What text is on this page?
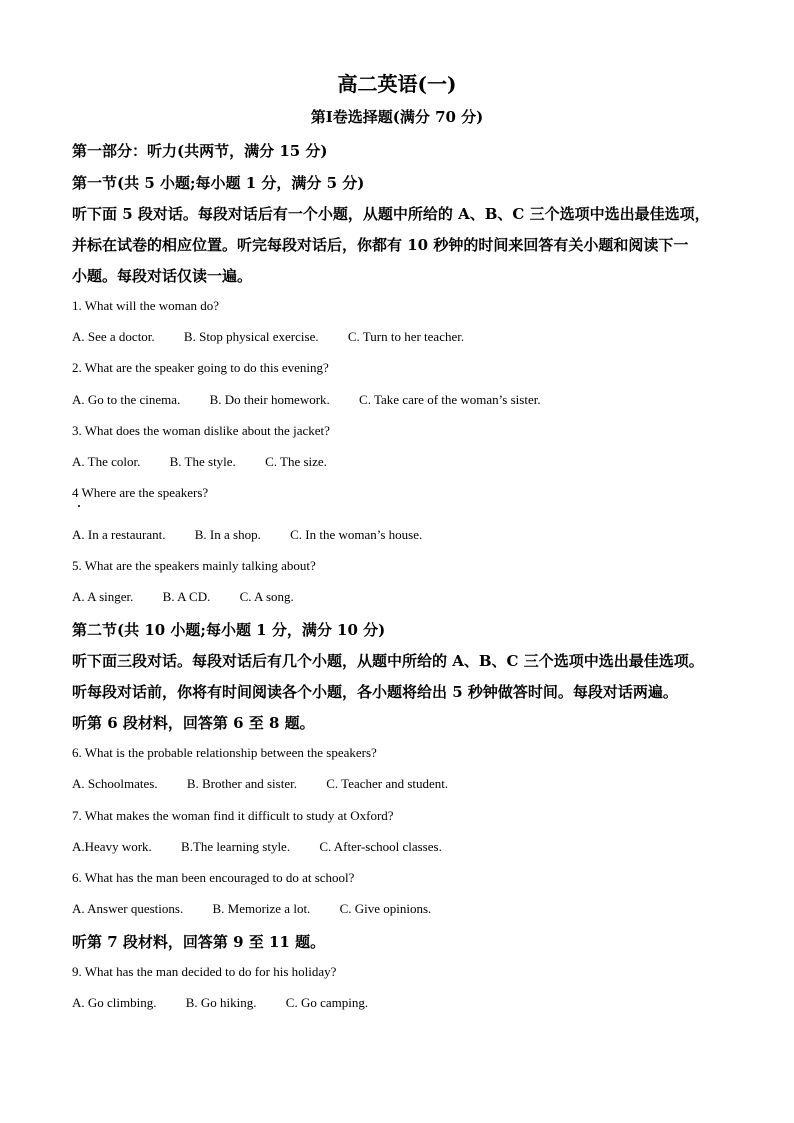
高二英语(一)
第Ⅰ卷选择题(满分 70 分)
第一部分：听力(共两节，满分 15 分)
第一节(共 5 小题;每小题 1 分，满分 5 分)
听下面 5 段对话。每段对话后有一个小题，从题中所给的 A、B、C 三个选项中选出最佳选项，
并标在试卷的相应位置。听完每段对话后，你都有 10 秒钟的时间来回答有关小题和阅读下一
小题。每段对话仅读一遍。
1. What will the woman do?
A. See a doctor. B. Stop physical exercise. C. Turn to her teacher.
2. What are the speaker going to do this evening?
A. Go to the cinema. B. Do their homework. C. Take care of the woman’s sister.
3. What does the woman dislike about the jacket?
A. The color. B. The style. C. The size.
4 Where are the speakers?
A. In a restaurant. B. In a shop. C. In the woman’s house.
5. What are the speakers mainly talking about?
A. A singer. B. A CD. C. A song.
第二节(共 10 小题;每小题 1 分，满分 10 分)
听下面三段对话。每段对话后有几个小题，从题中所给的 A、B、C 三个选项中选出最佳选项。
听每段对话前，你将有时间阅读各个小题，各小题将给出 5 秒钟做答时间。每段对话两遍。
听第 6 段材料，回答第 6 至 8 题。
6. What is the probable relationship between the speakers?
A. Schoolmates. B. Brother and sister. C. Teacher and student.
7. What makes the woman find it difficult to study at Oxford?
A.Heavy work. B.The learning style. C. After-school classes.
6. What has the man been encouraged to do at school?
A. Answer questions. B. Memorize a lot. C. Give opinions.
听第 7 段材料，回答第 9 至 11 题。
9. What has the man decided to do for his holiday?
A. Go climbing. B. Go hiking. C. Go camping.
